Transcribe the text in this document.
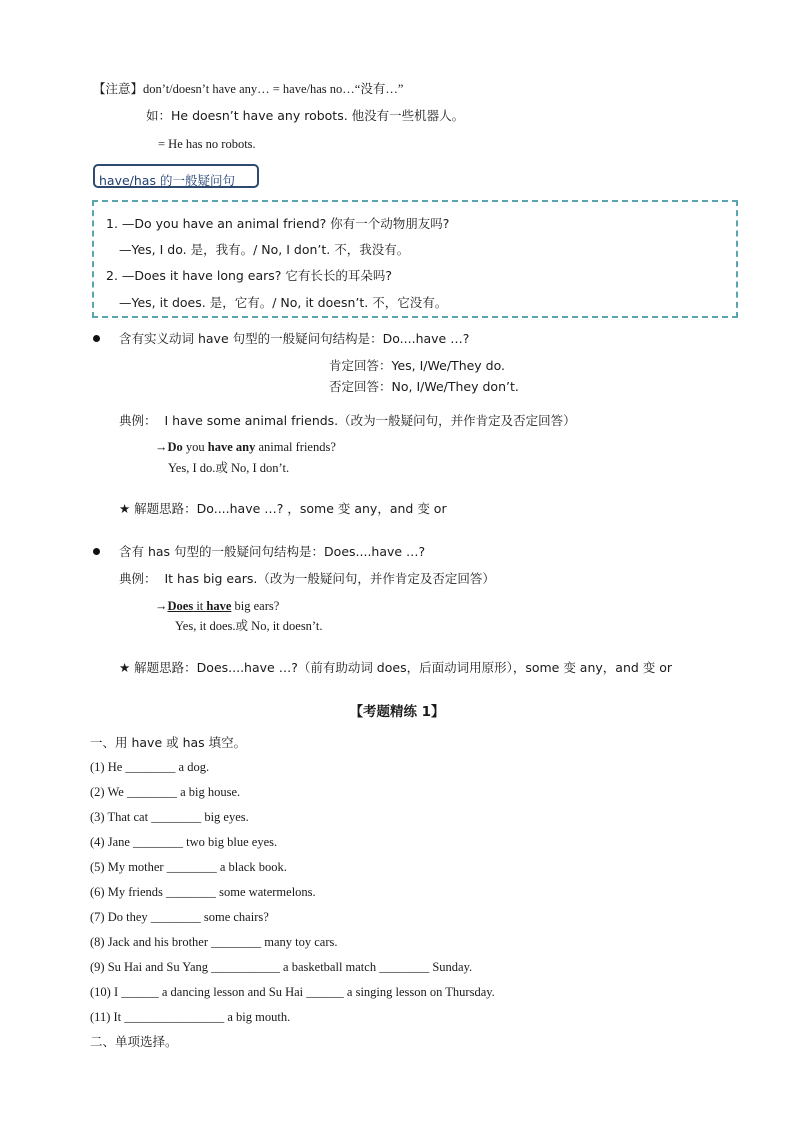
【注意】don’t/doesn’t have any… = have/has no…“没有…”
如：He doesn’t have any robots. 他没有一些机器人。
= He has no robots.
have/has 的一般疑问句
1. —Do you have an animal friend? 你有一个动物朋友吗?
—Yes, I do. 是，我有。/ No, I don’t. 不，我没有。
2. —Does it have long ears? 它有长长的耳朵吗?
—Yes, it does. 是，它有。/ No, it doesn’t. 不，它没有。
含有实义动词 have 句型的一般疑问句结构是：Do....have …?
肯定回答：Yes, I/We/They do.
否定回答：No, I/We/They don’t.
典例： I have some animal friends.（改为一般疑问句，并作肯定及否定回答）
→Do you have any animal friends?
Yes, I do.或 No, I don’t.
★ 解题思路：Do....have …? ，some 变 any，and 变 or
含有 has 句型的一般疑问句结构是：Does....have …?
典例： It has big ears.（改为一般疑问句，并作肯定及否定回答）
→Does it have big ears?
Yes, it does.或 No, it doesn’t.
★ 解题思路：Does....have …?（前有助动词 does，后面动词用原形），some 变 any，and 变 or
【考题精练 1】
一、用 have 或 has 填空。
(1) He ________ a dog.
(2) We ________ a big house.
(3) That cat ________ big eyes.
(4) Jane ________ two big blue eyes.
(5) My mother ________ a black book.
(6) My friends ________ some watermelons.
(7) Do they ________ some chairs?
(8) Jack and his brother ________ many toy cars.
(9) Su Hai and Su Yang ___________ a basketball match ________ Sunday.
(10) I ______ a dancing lesson and Su Hai ______ a singing lesson on Thursday.
(11) It ________________ a big mouth.
二、单项选择。
